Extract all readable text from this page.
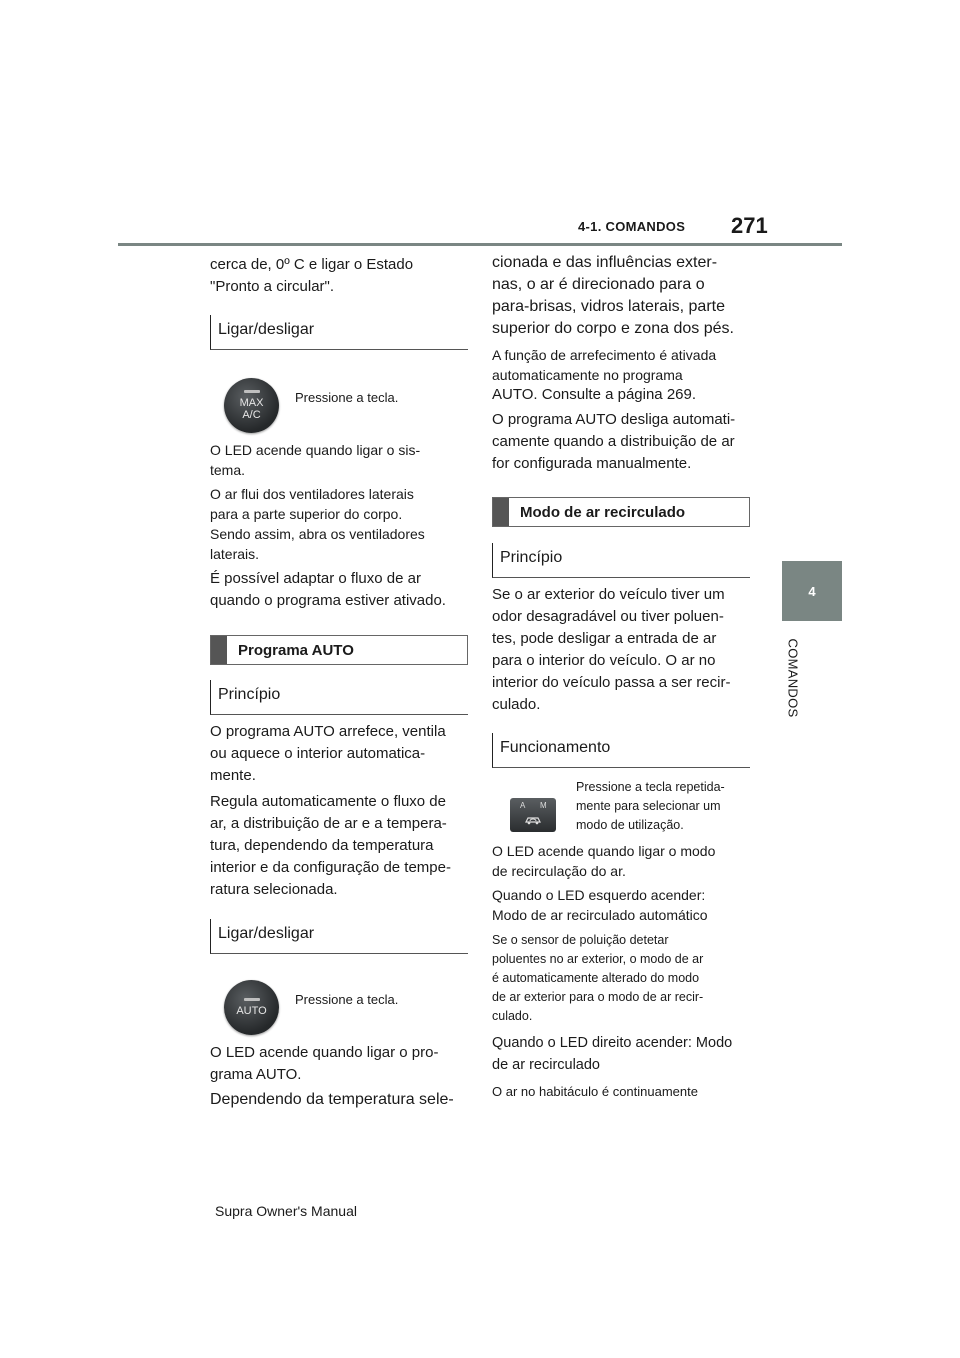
4-1. COMANDOS 271
4
COMANDOS

cerca de, 0º C e ligar o Estado

"Pronto a circular".

Ligar/desligar
MAX
A/C

Pressione a tecla.

O LED acende quando ligar o sis-

tema.

O ar flui dos ventiladores laterais

para a parte superior do corpo.

Sendo assim, abra os ventiladores

laterais.

É possível adaptar o fluxo de ar

quando o programa estiver ativado.

Programa AUTO
Princípio

O programa AUTO arrefece, ventila

ou aquece o interior automatica-

mente.

Regula automaticamente o fluxo de

ar, a distribuição de ar e a tempera-

tura, dependendo da temperatura

interior e da configuração de tempe-

ratura selecionada.

Ligar/desligar
AUTO

Pressione a tecla.

O LED acende quando ligar o pro-

grama AUTO.

Dependendo da temperatura sele-

cionada e das influências exter-

nas, o ar é direcionado para o

para-brisas, vidros laterais, parte

superior do corpo e zona dos pés.

A função de arrefecimento é ativada

automaticamente no programa

AUTO. Consulte a página 269.

O programa AUTO desliga automati-

camente quando a distribuição de ar

for configurada manualmente.

Modo de ar recirculado
Princípio

Se o ar exterior do veículo tiver um

odor desagradável ou tiver poluen-

tes, pode desligar a entrada de ar

para o interior do veículo. O ar no

interior do veículo passa a ser recir-

culado.

Funcionamento
A M

Pressione a tecla repetida-

mente para selecionar um

modo de utilização.

O LED acende quando ligar o modo

de recirculação do ar.

Quando o LED esquerdo acender:

Modo de ar recirculado automático

Se o sensor de poluição detetar

poluentes no ar exterior, o modo de ar

é automaticamente alterado do modo

de ar exterior para o modo de ar recir-

culado.

Quando o LED direito acender: Modo

de ar recirculado

O ar no habitáculo é continuamente

Supra Owner's Manual
